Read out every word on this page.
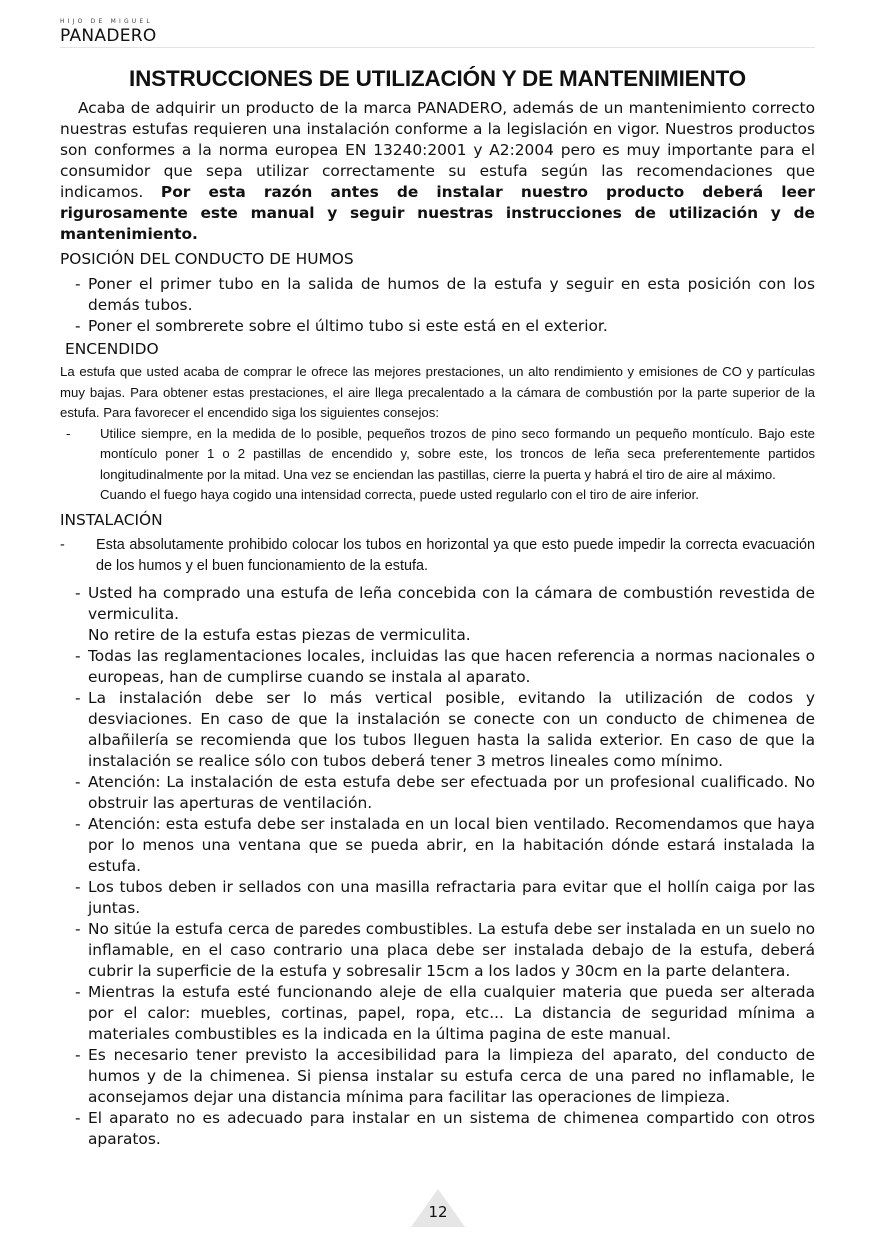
HIJO DE MIGUEL
PANADERO
INSTRUCCIONES DE UTILIZACIÓN Y DE MANTENIMIENTO

Acaba de adquirir un producto de la marca PANADERO, además de un mantenimiento correcto nuestras estufas requieren una instalación conforme a la legislación en vigor. Nuestros productos son conformes a la norma europea EN 13240:2001 y A2:2004 pero es muy importante para el consumidor que sepa utilizar correctamente su estufa según las recomendaciones que indicamos. Por esta razón antes de instalar nuestro producto deberá leer rigurosamente este manual y seguir nuestras instrucciones de utilización y de mantenimiento.

POSICIÓN DEL CONDUCTO DE HUMOS

- Poner el primer tubo en la salida de humos de la estufa y seguir en esta posición con los demás tubos.

- Poner el sombrerete sobre el último tubo si este está en el exterior.

ENCENDIDO

La estufa que usted acaba de comprar le ofrece las mejores prestaciones, un alto rendimiento y emisiones de CO y partículas muy bajas. Para obtener estas prestaciones, el aire llega precalentado a la cámara de combustión por la parte superior de la estufa. Para favorecer el encendido siga los siguientes consejos:

- Utilice siempre, en la medida de lo posible, pequeños trozos de pino seco formando un pequeño montículo. Bajo este montículo poner 1 o 2 pastillas de encendido y, sobre este, los troncos de leña seca preferentemente partidos longitudinalmente por la mitad. Una vez se enciendan las pastillas, cierre la puerta y habrá el tiro de aire al máximo.

Cuando el fuego haya cogido una intensidad correcta, puede usted regularlo con el tiro de aire inferior.

INSTALACIÓN

- Esta absolutamente prohibido colocar los tubos en horizontal ya que esto puede impedir la correcta evacuación de los humos y el buen funcionamiento de la estufa.

- Usted ha comprado una estufa de leña concebida con la cámara de combustión revestida de vermiculita.

No retire de la estufa estas piezas de vermiculita.

- Todas las reglamentaciones locales, incluidas las que hacen referencia a normas nacionales o europeas, han de cumplirse cuando se instala al aparato.

- La instalación debe ser lo más vertical posible, evitando la utilización de codos y desviaciones. En caso de que la instalación se conecte con un conducto de chimenea de albañilería se recomienda que los tubos lleguen hasta la salida exterior. En caso de que la instalación se realice sólo con tubos deberá tener 3 metros lineales como mínimo.

- Atención: La instalación de esta estufa debe ser efectuada por un profesional cualificado. No obstruir las aperturas de ventilación.

- Atención: esta estufa debe ser instalada en un local bien ventilado. Recomendamos que haya por lo menos una ventana que se pueda abrir, en la habitación dónde estará instalada la estufa.

- Los tubos deben ir sellados con una masilla refractaria para evitar que el hollín caiga por las juntas.

- No sitúe la estufa cerca de paredes combustibles. La estufa debe ser instalada en un suelo no inflamable, en el caso contrario una placa debe ser instalada debajo de la estufa, deberá cubrir la superficie de la estufa y sobresalir 15cm a los lados y 30cm en la parte delantera.

- Mientras la estufa esté funcionando aleje de ella cualquier materia que pueda ser alterada por el calor: muebles, cortinas, papel, ropa, etc... La distancia de seguridad mínima a materiales combustibles es la indicada en la última pagina de este manual.

- Es necesario tener previsto la accesibilidad para la limpieza del aparato, del conducto de humos y de la chimenea. Si piensa instalar su estufa cerca de una pared no inflamable, le aconsejamos dejar una distancia mínima para facilitar las operaciones de limpieza.

- El aparato no es adecuado para instalar en un sistema de chimenea compartido con otros aparatos.

12
